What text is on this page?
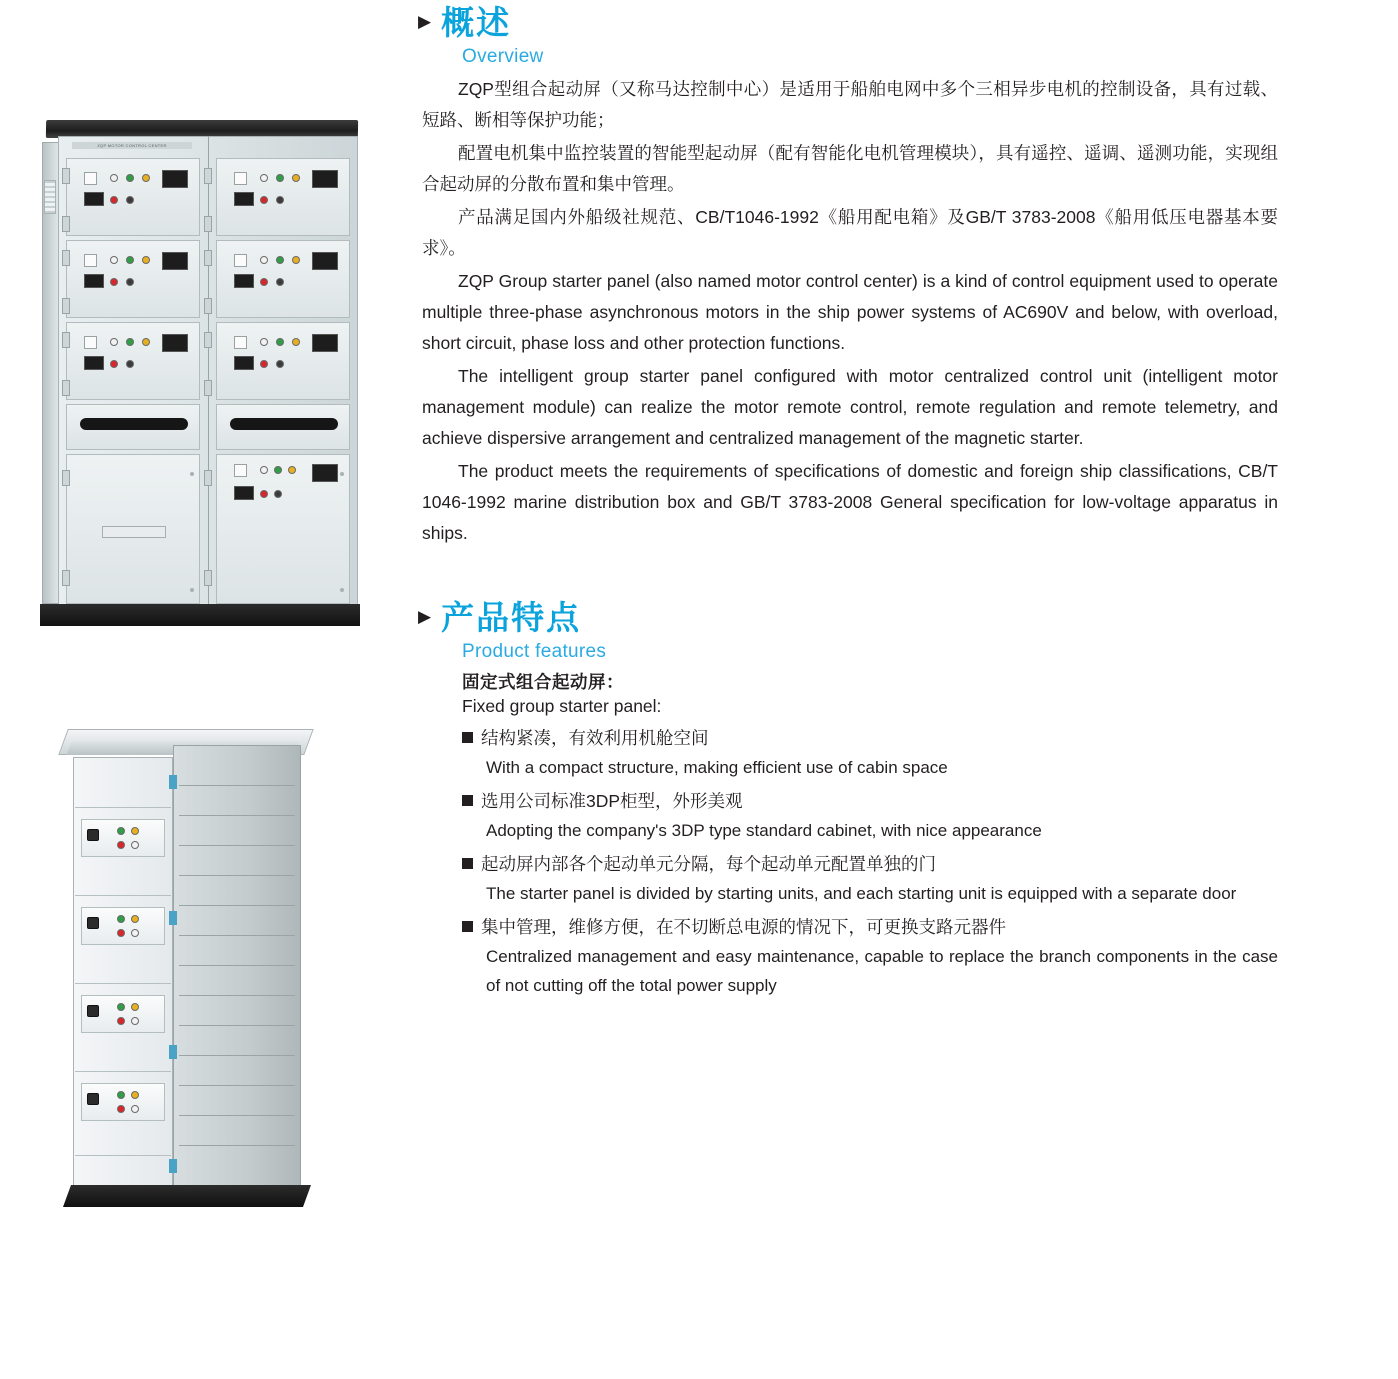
ZQP MOTOR CONTROL CENTER
▶ 概述
Overview

ZQP型组合起动屏（又称马达控制中心）是适用于船舶电网中多个三相异步电机的控制设备，具有过载、短路、断相等保护功能；

配置电机集中监控装置的智能型起动屏（配有智能化电机管理模块），具有遥控、遥调、遥测功能，实现组合起动屏的分散布置和集中管理。

产品满足国内外船级社规范、CB/T1046-1992《船用配电箱》及GB/T 3783-2008《船用低压电器基本要求》。

ZQP Group starter panel (also named motor control center) is a kind of control equipment used to operate multiple three-phase asynchronous motors in the ship power systems of AC690V and below, with overload, short circuit, phase loss and other protection functions.

The intelligent group starter panel configured with motor centralized control unit (intelligent motor management module) can realize the motor remote control, remote regulation and remote telemetry, and achieve dispersive arrangement and centralized management of the magnetic starter.

The product meets the requirements of specifications of domestic and foreign ship classifications, CB/T 1046-1992 marine distribution box and GB/T 3783-2008 General specification for low-voltage apparatus in ships.

▶ 产品特点
Product features
固定式组合起动屏：
Fixed group starter panel:
结构紧凑，有效利用机舱空间
With a compact structure, making efficient use of cabin space
选用公司标准3DP柜型，外形美观
Adopting the company's 3DP type standard cabinet, with nice appearance
起动屏内部各个起动单元分隔，每个起动单元配置单独的门
The starter panel is divided by starting units, and each starting unit is equipped with a separate door
集中管理，维修方便，在不切断总电源的情况下，可更换支路元器件
Centralized management and easy maintenance, capable to replace the branch components in the case of not cutting off the total power supply
